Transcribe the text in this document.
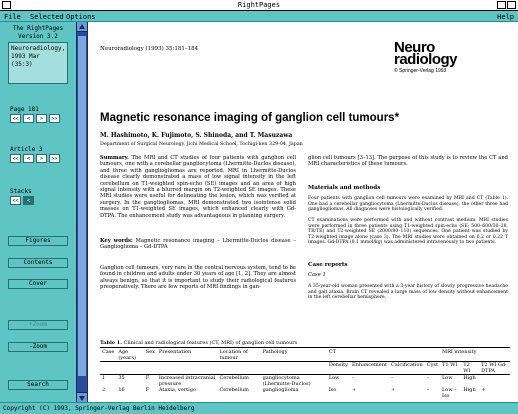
RightPages
File Selected Options	Help
The RightPages
Version 3.2
Neuroradiology,
1993 Mar (35:3)
Page 181
<<	<	>	>>
Article 3
<<	<	>	>>
Stacks
<<	<
Figures
Contents
Cover
+Zoom
-Zoom
Search
Neuroradiology (1993) 35:181–184	Neuro
radiology
© Springer-Verlag 1993
Magnetic resonance imaging of ganglion cell tumours*
M. Hashimoto, K. Fujimoto, S. Shinoda, and T. Masuzawa
Department of Surgical Neurology, Jichi Medical School, Tochigi-ken 329-04, Japan
Summary. The MRI and CT studies of four patients with ganglion cell tumours, one with a cerebellar gangliocytoma (Lhermitte-Duclos disease), and three with gangliogliomas are reported. MRI in Lhermitte-Duclos disease clearly demonstrated a mass of low signal intensity in the left cerebellum on T1-weighted spin-echo (SE) images and an area of high signal intensity with a blurred margin on T2-weighted SE images. These MRI studies were useful for delineating the lesion, which was verified at surgery. In the gangliogliomas, MRI demonstrated two isointense solid masses on T1-weighted SE images, which enhanced clearly with Gd-DTPA. The enhancement study was advantageous in planning surgery.
Key words: Magnetic resonance imaging – Lhermitte-Duclos disease – Ganglioglioma – Gd-DTPA
Ganglion cell tumours, very rare in the central nervous system, tend to be found in children and adults under 30 years of age [1, 2]. They are almost always benign, so that it is important to study their radiological features preoperatively. There are few reports of MRI findings in gan-
glion cell tumours [3–13]. The purpose of this study is to review the CT and MRI characteristics of these tumours.
Materials and methods
Four patients with ganglion cell tumours were examined by MRI and CT (Table 1). One had a cerebellar gangliocytoma (Lhermitte-Duclos disease), the other three had gangliogliomas. All diagnoses were histologically verified.
CT examinations were performed with and without contrast medium. MRI studies were performed in three patients using T1-weighted spin-echo (SE; 500–600/30–38, TR/TE) and T2-weighted SE (2000/80–110) sequences. One patient was studied by T2-weighted image alone (case 3). The MRI studies were obtained on 0.2 or 0.22 T images. Gd-DTPA (0.1 mmol/kg) was administered intravenously to two patients.
Case reports
Case 1
A 35-year-old woman presented with a 3-year history of slowly progressive headache and gait ataxia. Brain CT revealed a large mass of low density without enhancement in the left cerebellar hemisphere,
Table 1. Clinical and radiological features (CT, MRI) of ganglion cell tumours
Case	Age (years)	Sex	Presentation	Location of tumour	Pathology	CT				MRI intensity		
						Density	Enhancement	Calcification	Cyst	T1 WI	T2 WI	T2 WI Gd-DTPA
1	35	F	Increased intracranial pressure	Cerebellum	gangliocytoma (Lhermitte-Duclos)	Low	–	–	–	Low	High	
2	16	F	Ataxia, vertigo	Cerebellum	ganglioglioma	Iso	+	+	–	Low – Iso	High	+
Copyright (C) 1993, Springer-Verlag Berlin Heidelberg
